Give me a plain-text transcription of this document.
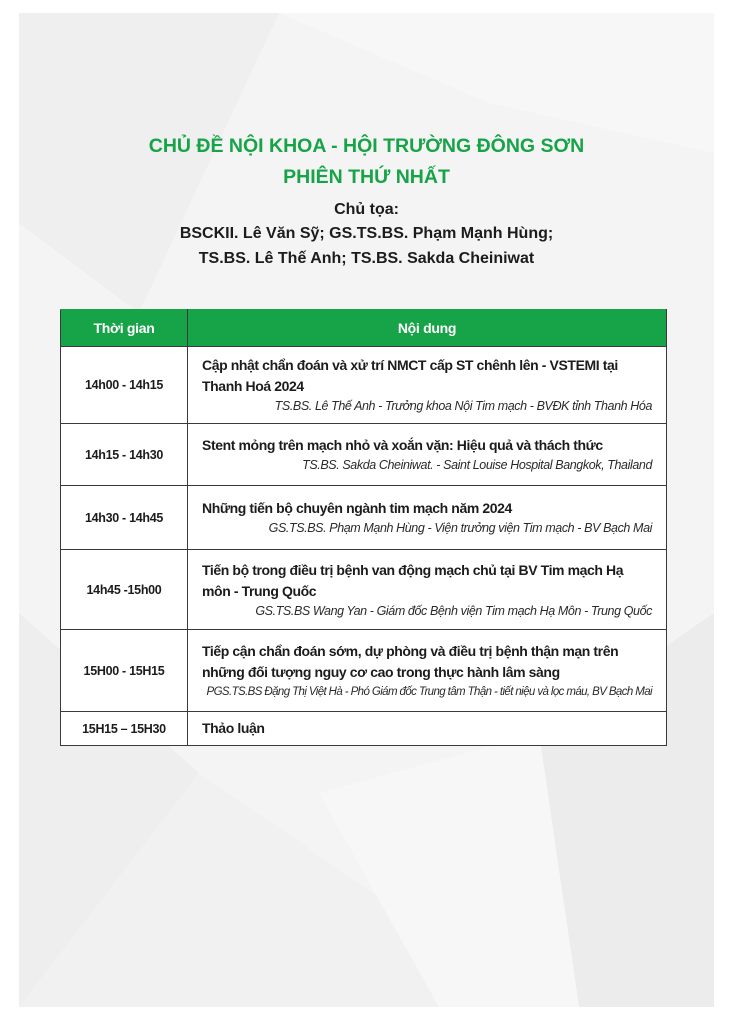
CHỦ ĐỀ NỘI KHOA - HỘI TRƯỜNG ĐÔNG SƠN
PHIÊN THỨ NHẤT
Chủ tọa:
BSCKII. Lê Văn Sỹ; GS.TS.BS. Phạm Mạnh Hùng;
TS.BS. Lê Thế Anh; TS.BS. Sakda Cheiniwat
Thời gian	Nội dung
14h00 - 14h15	Cập nhật chẩn đoán và xử trí NMCT cấp ST chênh lên - VSTEMI tại Thanh Hoá 2024
TS.BS. Lê Thế Anh - Trưởng khoa Nội Tim mạch - BVĐK tỉnh Thanh Hóa

14h15 - 14h30	Stent mỏng trên mạch nhỏ và xoắn vặn: Hiệu quả và thách thức
TS.BS. Sakda Cheiniwat. - Saint Louise Hospital Bangkok, Thailand

14h30 - 14h45	Những tiến bộ chuyên ngành tim mạch năm 2024
GS.TS.BS. Phạm Mạnh Hùng - Viện trưởng viện Tim mạch - BV Bạch Mai

14h45 -15h00	Tiến bộ trong điều trị bệnh van động mạch chủ tại BV Tim mạch Hạ môn - Trung Quốc
GS.TS.BS Wang Yan - Giám đốc Bệnh viện Tim mạch Hạ Môn - Trung Quốc

15H00 - 15H15	Tiếp cận chẩn đoán sớm, dự phòng và điều trị bệnh thận mạn trên những đối tượng nguy cơ cao trong thực hành lâm sàng
PGS.TS.BS Đặng Thị Việt Hà - Phó Giám đốc Trung tâm Thận - tiết niệu và lọc máu, BV Bạch Mai

15H15 – 15H30	Thảo luận
